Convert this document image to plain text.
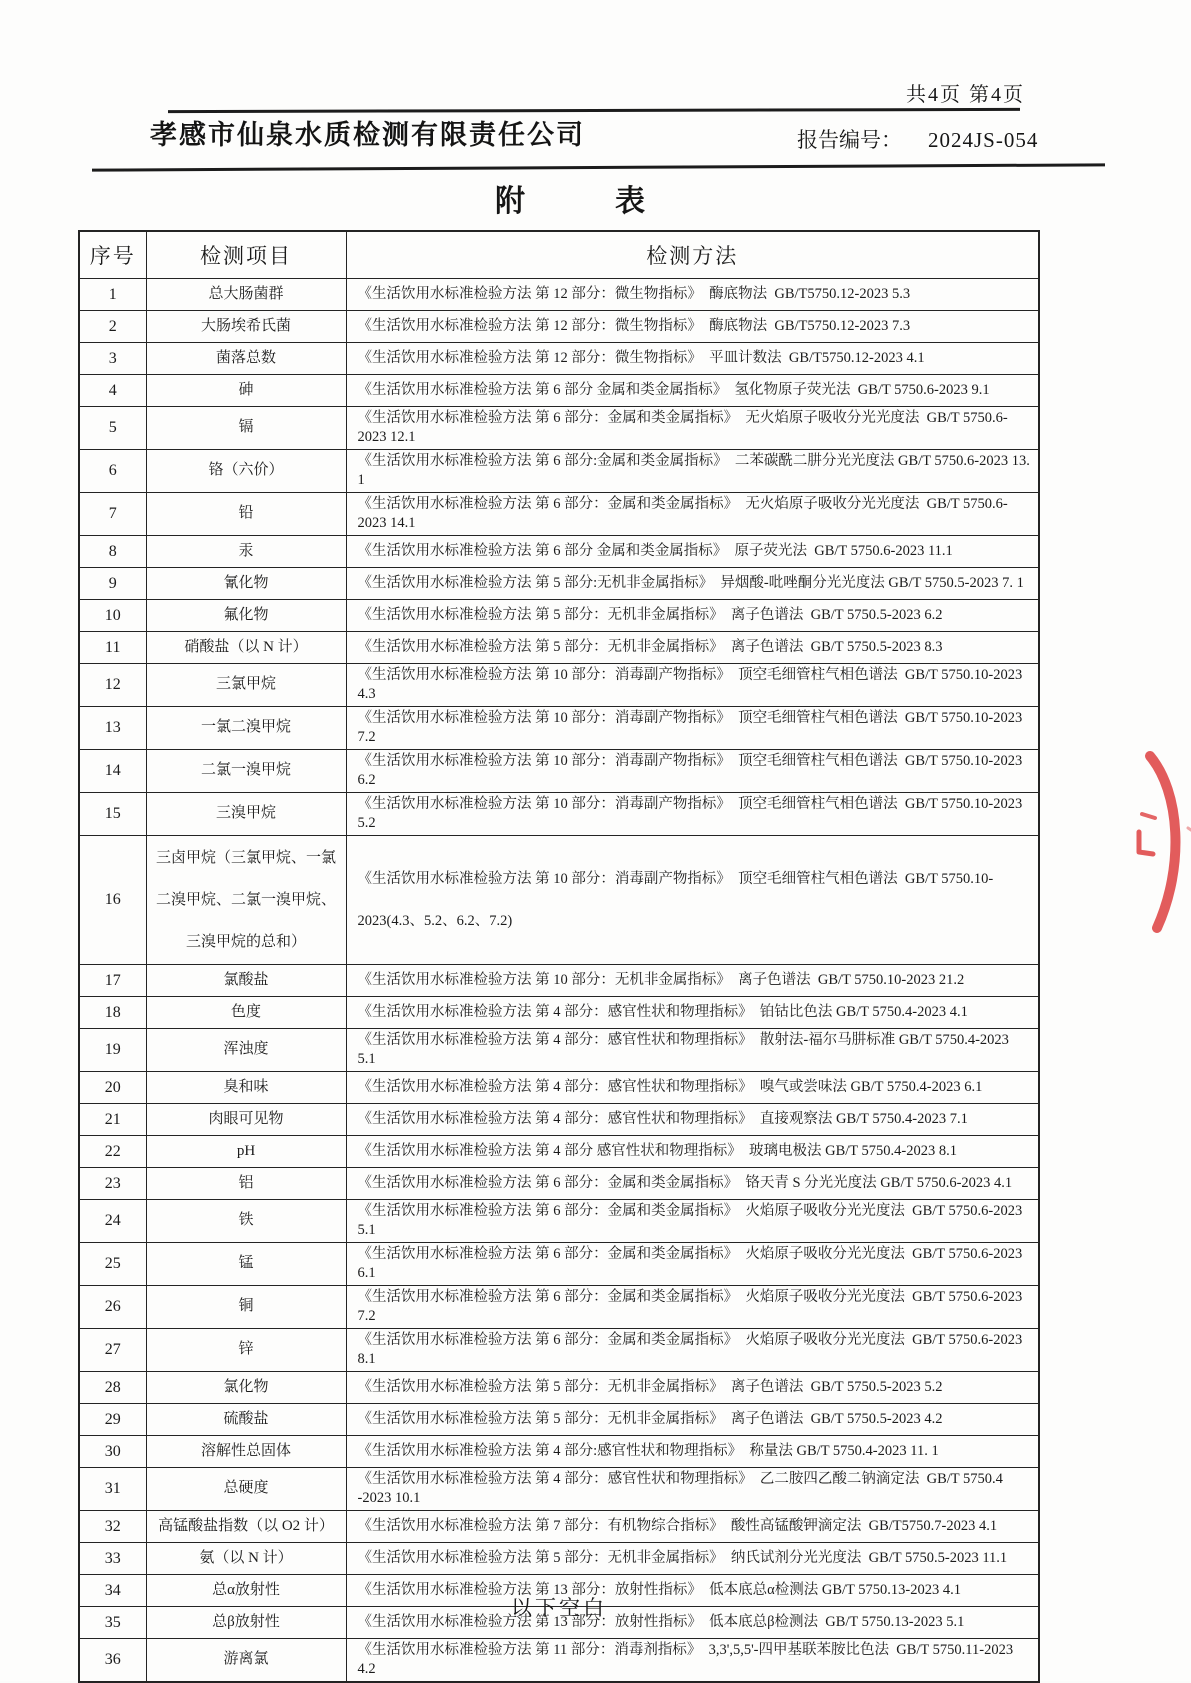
共4页 第4页
孝感市仙泉水质检测有限责任公司	报告编号： 2024JS-054
附　　　表
序号	检测项目	检测方法
1	总大肠菌群	《生活饮用水标准检验方法 第 12 部分：微生物指标》  酶底物法  GB/T5750.12-2023 5.3
2	大肠埃希氏菌	《生活饮用水标准检验方法 第 12 部分：微生物指标》  酶底物法  GB/T5750.12-2023 7.3
3	菌落总数	《生活饮用水标准检验方法 第 12 部分：微生物指标》  平皿计数法  GB/T5750.12-2023 4.1
4	砷	《生活饮用水标准检验方法 第 6 部分 金属和类金属指标》  氢化物原子荧光法  GB/T 5750.6-2023 9.1
5	镉	《生活饮用水标准检验方法 第 6 部分：金属和类金属指标》  无火焰原子吸收分光光度法  GB/T 5750.6-2023 12.1
6	铬（六价）	《生活饮用水标准检验方法 第 6 部分:金属和类金属指标》  二苯碳酰二肼分光光度法 GB/T 5750.6-2023 13. 1
7	铅	《生活饮用水标准检验方法 第 6 部分：金属和类金属指标》  无火焰原子吸收分光光度法  GB/T 5750.6-2023 14.1
8	汞	《生活饮用水标准检验方法 第 6 部分 金属和类金属指标》  原子荧光法  GB/T 5750.6-2023 11.1
9	氰化物	《生活饮用水标准检验方法 第 5 部分:无机非金属指标》  异烟酸-吡唑酮分光光度法 GB/T 5750.5-2023 7. 1
10	氟化物	《生活饮用水标准检验方法 第 5 部分：无机非金属指标》  离子色谱法  GB/T 5750.5-2023 6.2
11	硝酸盐（以 N 计）	《生活饮用水标准检验方法 第 5 部分：无机非金属指标》  离子色谱法  GB/T 5750.5-2023 8.3
12	三氯甲烷	《生活饮用水标准检验方法 第 10 部分：消毒副产物指标》  顶空毛细管柱气相色谱法  GB/T 5750.10-2023 4.3
13	一氯二溴甲烷	《生活饮用水标准检验方法 第 10 部分：消毒副产物指标》  顶空毛细管柱气相色谱法  GB/T 5750.10-2023 7.2
14	二氯一溴甲烷	《生活饮用水标准检验方法 第 10 部分：消毒副产物指标》  顶空毛细管柱气相色谱法  GB/T 5750.10-2023 6.2
15	三溴甲烷	《生活饮用水标准检验方法 第 10 部分：消毒副产物指标》  顶空毛细管柱气相色谱法  GB/T 5750.10-2023 5.2
16	三卤甲烷（三氯甲烷、一氯二溴甲烷、二氯一溴甲烷、三溴甲烷的总和）	《生活饮用水标准检验方法 第 10 部分：消毒副产物指标》  顶空毛细管柱气相色谱法  GB/T 5750.10-2023(4.3、5.2、6.2、7.2)
17	氯酸盐	《生活饮用水标准检验方法 第 10 部分：无机非金属指标》  离子色谱法  GB/T 5750.10-2023 21.2
18	色度	《生活饮用水标准检验方法 第 4 部分：感官性状和物理指标》  铂钴比色法 GB/T 5750.4-2023 4.1
19	浑浊度	《生活饮用水标准检验方法 第 4 部分：感官性状和物理指标》  散射法-福尔马肼标准 GB/T 5750.4-2023 5.1
20	臭和味	《生活饮用水标准检验方法 第 4 部分：感官性状和物理指标》  嗅气或尝味法 GB/T 5750.4-2023 6.1
21	肉眼可见物	《生活饮用水标准检验方法 第 4 部分：感官性状和物理指标》  直接观察法 GB/T 5750.4-2023 7.1
22	pH	《生活饮用水标准检验方法 第 4 部分 感官性状和物理指标》  玻璃电极法 GB/T 5750.4-2023 8.1
23	铝	《生活饮用水标准检验方法 第 6 部分：金属和类金属指标》  铬天青 S 分光光度法 GB/T 5750.6-2023 4.1
24	铁	《生活饮用水标准检验方法 第 6 部分：金属和类金属指标》  火焰原子吸收分光光度法  GB/T 5750.6-2023 5.1
25	锰	《生活饮用水标准检验方法 第 6 部分：金属和类金属指标》  火焰原子吸收分光光度法  GB/T 5750.6-2023 6.1
26	铜	《生活饮用水标准检验方法 第 6 部分：金属和类金属指标》  火焰原子吸收分光光度法  GB/T 5750.6-2023 7.2
27	锌	《生活饮用水标准检验方法 第 6 部分：金属和类金属指标》  火焰原子吸收分光光度法  GB/T 5750.6-2023 8.1
28	氯化物	《生活饮用水标准检验方法 第 5 部分：无机非金属指标》  离子色谱法  GB/T 5750.5-2023 5.2
29	硫酸盐	《生活饮用水标准检验方法 第 5 部分：无机非金属指标》  离子色谱法  GB/T 5750.5-2023 4.2
30	溶解性总固体	《生活饮用水标准检验方法 第 4 部分:感官性状和物理指标》  称量法 GB/T 5750.4-2023 11. 1
31	总硬度	《生活饮用水标准检验方法 第 4 部分：感官性状和物理指标》  乙二胺四乙酸二钠滴定法  GB/T 5750.4 -2023 10.1
32	高锰酸盐指数（以 O2 计）	《生活饮用水标准检验方法 第 7 部分：有机物综合指标》  酸性高锰酸钾滴定法  GB/T5750.7-2023 4.1
33	氨（以 N 计）	《生活饮用水标准检验方法 第 5 部分：无机非金属指标》  纳氏试剂分光光度法  GB/T 5750.5-2023 11.1
34	总α放射性	《生活饮用水标准检验方法 第 13 部分：放射性指标》  低本底总α检测法 GB/T 5750.13-2023 4.1
35	总β放射性	《生活饮用水标准检验方法 第 13 部分：放射性指标》  低本底总β检测法  GB/T 5750.13-2023 5.1
36	游离氯	《生活饮用水标准检验方法 第 11 部分：消毒剂指标》  3,3',5,5'-四甲基联苯胺比色法  GB/T 5750.11-2023 4.2
以下空白
